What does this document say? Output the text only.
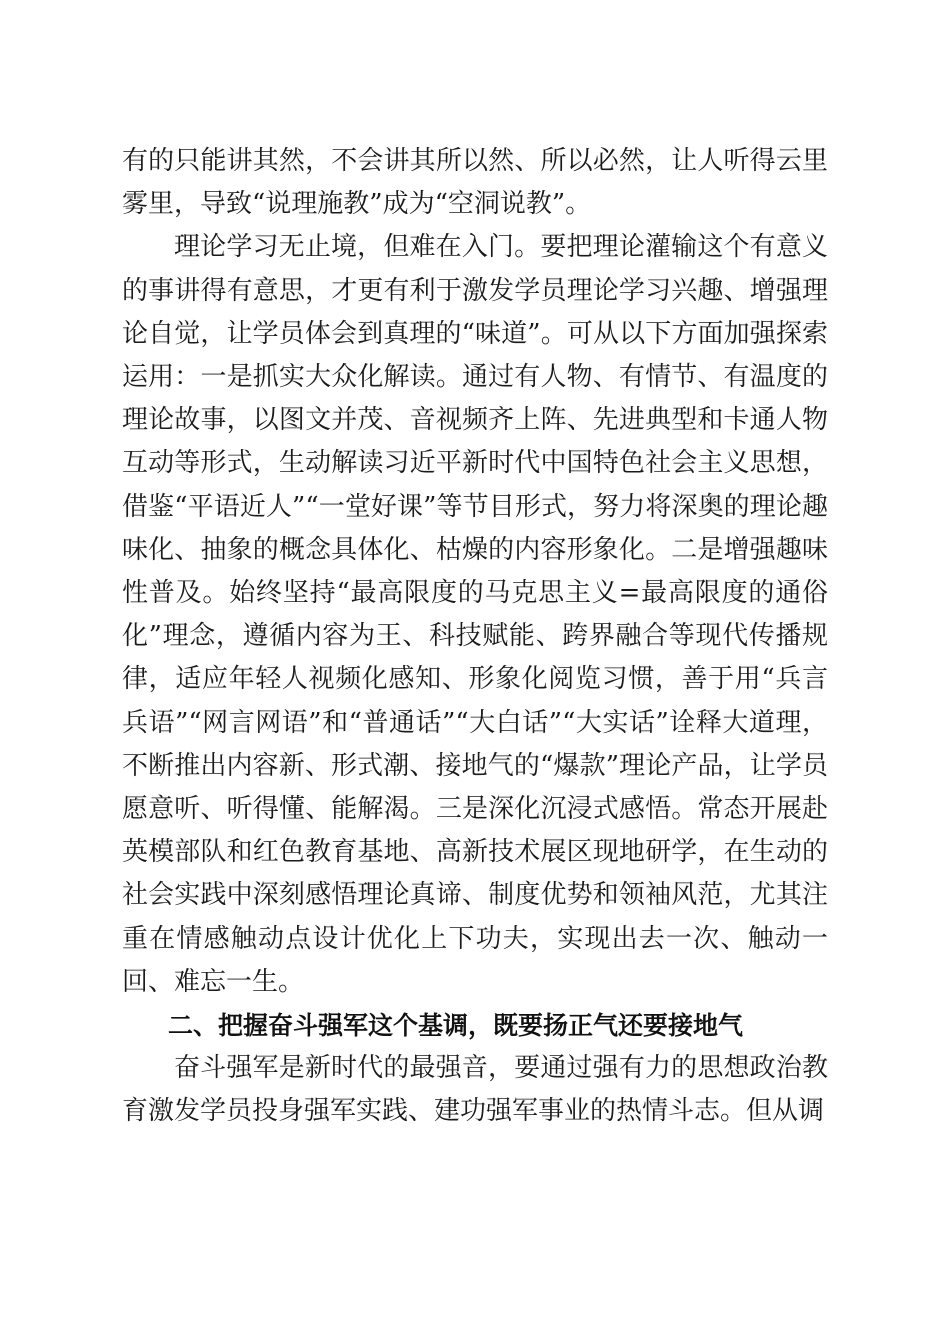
有的只能讲其然，不会讲其所以然、所以必然，让人听得云里雾里，导致“说理施教”成为“空洞说教”。

理论学习无止境，但难在入门。要把理论灌输这个有意义的事讲得有意思，才更有利于激发学员理论学习兴趣、增强理论自觉，让学员体会到真理的“味道”。可从以下方面加强探索运用：一是抓实大众化解读。通过有人物、有情节、有温度的理论故事，以图文并茂、音视频齐上阵、先进典型和卡通人物互动等形式，生动解读习近平新时代中国特色社会主义思想，借鉴“平语近人”“一堂好课”等节目形式，努力将深奥的理论趣味化、抽象的概念具体化、枯燥的内容形象化。二是增强趣味性普及。始终坚持“最高限度的马克思主义=最高限度的通俗化”理念，遵循内容为王、科技赋能、跨界融合等现代传播规律，适应年轻人视频化感知、形象化阅览习惯，善于用“兵言兵语”“网言网语”和“普通话”“大白话”“大实话”诠释大道理，不断推出内容新、形式潮、接地气的“爆款”理论产品，让学员愿意听、听得懂、能解渴。三是深化沉浸式感悟。常态开展赴英模部队和红色教育基地、高新技术展区现地研学，在生动的社会实践中深刻感悟理论真谛、制度优势和领袖风范，尤其注重在情感触动点设计优化上下功夫，实现出去一次、触动一回、难忘一生。

二、把握奋斗强军这个基调，既要扬正气还要接地气

奋斗强军是新时代的最强音，要通过强有力的思想政治教育激发学员投身强军实践、建功强军事业的热情斗志。但从调
